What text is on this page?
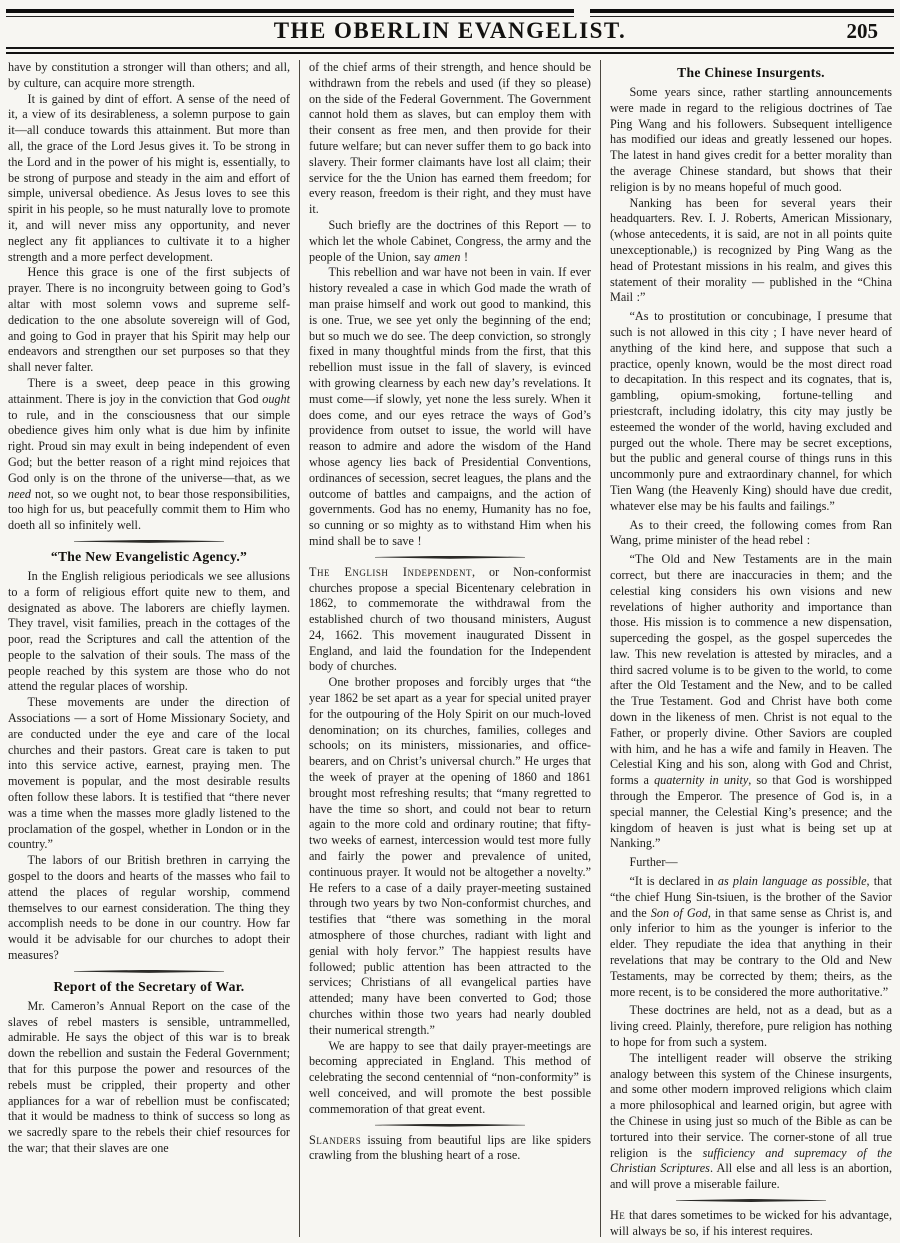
THE OBERLIN EVANGELIST.	205

have by constitution a stronger will than others; and all, by culture, can acquire more strength.

It is gained by dint of effort. A sense of the need of it, a view of its desirableness, a solemn purpose to gain it—all conduce towards this attainment. But more than all, the grace of the Lord Jesus gives it. To be strong in the Lord and in the power of his might is, essentially, to be strong of purpose and steady in the aim and effort of simple, universal obedience. As Jesus loves to see this spirit in his people, so he must naturally love to promote it, and will never miss any opportunity, and never neglect any fit appliances to cultivate it to a higher strength and a more perfect development.

Hence this grace is one of the first subjects of prayer. There is no incongruity between going to God’s altar with most solemn vows and supreme self-dedication to the one absolute sovereign will of God, and going to God in prayer that his Spirit may help our endeavors and strengthen our set purposes so that they shall never falter.

There is a sweet, deep peace in this growing attainment. There is joy in the conviction that God ought to rule, and in the consciousness that our simple obedience gives him only what is due him by infinite right. Proud sin may exult in being independent of even God; but the better reason of a right mind rejoices that God only is on the throne of the universe—that, as we need not, so we ought not, to bear those responsibilities, too high for us, but peacefully commit them to Him who doeth all so infinitely well.

“The New Evangelistic Agency.”

In the English religious periodicals we see allusions to a form of religious effort quite new to them, and designated as above. The laborers are chiefly laymen. They travel, visit families, preach in the cottages of the poor, read the Scriptures and call the attention of the people to the salvation of their souls. The mass of the people reached by this system are those who do not attend the regular places of worship.

These movements are under the direction of Associations — a sort of Home Missionary Society, and are conducted under the eye and care of the local churches and their pastors. Great care is taken to put into this service active, earnest, praying men. The movement is popular, and the most desirable results often follow these labors. It is testified that “there never was a time when the masses more gladly listened to the proclamation of the gospel, whether in London or in the country.”

The labors of our British brethren in carrying the gospel to the doors and hearts of the masses who fail to attend the places of regular worship, commend themselves to our earnest consideration. The thing they accomplish needs to be done in our country. How far would it be advisable for our churches to adopt their measures?

Report of the Secretary of War.

Mr. Cameron’s Annual Report on the case of the slaves of rebel masters is sensible, untrammelled, admirable. He says the object of this war is to break down the rebellion and sustain the Federal Government; that for this purpose the power and resources of the rebels must be crippled, their property and other appliances for a war of rebellion must be confiscated; that it would be madness to think of success so long as we sacredly spare to the rebels their chief resources for the war; that their slaves are one

of the chief arms of their strength, and hence should be withdrawn from the rebels and used (if they so please) on the side of the Federal Government. The Government cannot hold them as slaves, but can employ them with their consent as free men, and then provide for their future welfare; but can never suffer them to go back into slavery. Their former claimants have lost all claim; their service for the the Union has earned them freedom; for every reason, freedom is their right, and they must have it.

Such briefly are the doctrines of this Report — to which let the whole Cabinet, Congress, the army and the people of the Union, say amen !

This rebellion and war have not been in vain. If ever history revealed a case in which God made the wrath of man praise himself and work out good to mankind, this is one. True, we see yet only the beginning of the end; but so much we do see. The deep conviction, so strongly fixed in many thoughtful minds from the first, that this rebellion must issue in the fall of slavery, is evinced with growing clearness by each new day’s revelations. It must come—if slowly, yet none the less surely. When it does come, and our eyes retrace the ways of God’s providence from outset to issue, the world will have reason to admire and adore the wisdom of the Hand whose agency lies back of Presidential Conventions, ordinances of secession, secret leagues, the plans and the outcome of battles and campaigns, and the action of governments. God has no enemy, Humanity has no foe, so cunning or so mighty as to withstand Him when his mind shall be to save !

The English Independent, or Non-conformist churches propose a special Bicentenary celebration in 1862, to commemorate the withdrawal from the established church of two thousand ministers, August 24, 1662. This movement inaugurated Dissent in England, and laid the foundation for the Independent body of churches.

One brother proposes and forcibly urges that “the year 1862 be set apart as a year for special united prayer for the outpouring of the Holy Spirit on our much-loved denomination; on its churches, families, colleges and schools; on its ministers, missionaries, and office-bearers, and on Christ’s universal church.” He urges that the week of prayer at the opening of 1860 and 1861 brought most refreshing results; that “many regretted to have the time so short, and could not bear to return again to the more cold and ordinary routine; that fifty-two weeks of earnest, intercession would test more fully and fairly the power and prevalence of united, continuous prayer. It would not be altogether a novelty.” He refers to a case of a daily prayer-meeting sustained through two years by two Non-conformist churches, and testifies that “there was something in the moral atmosphere of those churches, radiant with light and genial with holy fervor.” The happiest results have followed; public attention has been attracted to the services; Christians of all evangelical parties have attended; many have been converted to God; those churches within those two years had nearly doubled their numerical strength.”

We are happy to see that daily prayer-meetings are becoming appreciated in England. This method of celebrating the second centennial of “non-conformity” is well conceived, and will promote the best possible commemoration of that great event.

Slanders issuing from beautiful lips are like spiders crawling from the blushing heart of a rose.

The Chinese Insurgents.

Some years since, rather startling announcements were made in regard to the religious doctrines of Tae Ping Wang and his followers. Subsequent intelligence has modified our ideas and greatly lessened our hopes. The latest in hand gives credit for a better morality than the average Chinese standard, but shows that their religion is by no means hopeful of much good.

Nanking has been for several years their headquarters. Rev. I. J. Roberts, American Missionary, (whose antecedents, it is said, are not in all points quite unexceptionable,) is recognized by Ping Wang as the head of Protestant missions in his realm, and gives this statement of their morality — published in the “China Mail :”

“As to prostitution or concubinage, I presume that such is not allowed in this city ; I have never heard of anything of the kind here, and suppose that such a practice, openly known, would be the most direct road to decapitation. In this respect and its cognates, that is, gambling, opium-smoking, fortune-telling and priestcraft, including idolatry, this city may justly be esteemed the wonder of the world, having excluded and purged out the whole. There may be secret exceptions, but the public and general course of things runs in this uncommonly pure and extraordinary channel, for which Tien Wang (the Heavenly King) should have due credit, whatever else may be his faults and failings.”

As to their creed, the following comes from Ran Wang, prime minister of the head rebel :

“The Old and New Testaments are in the main correct, but there are inaccuracies in them; and the celestial king considers his own visions and new revelations of higher authority and importance than those. His mission is to commence a new dispensation, superceding the gospel, as the gospel supercedes the law. This new revelation is attested by miracles, and a third sacred volume is to be given to the world, to come after the Old Testament and the New, and to be called the True Testament. God and Christ have both come down in the likeness of men. Christ is not equal to the Father, or properly divine. Other Saviors are coupled with him, and he has a wife and family in Heaven. The Celestial King and his son, along with God and Christ, forms a quaternity in unity, so that God is worshipped through the Emperor. The presence of God is, in a special manner, the Celestial King’s presence; and the kingdom of heaven is just what is being set up at Nanking.”

Further—

“It is declared in as plain language as possible, that “the chief Hung Sin-tsiuen, is the brother of the Savior and the Son of God, in that same sense as Christ is, and only inferior to him as the younger is inferior to the elder. They repudiate the idea that anything in their revelations that may be contrary to the Old and New Testaments, may be corrected by them; theirs, as the more recent, is to be considered the more authoritative.”

These doctrines are held, not as a dead, but as a living creed. Plainly, therefore, pure religion has nothing to hope for from such a system.

The intelligent reader will observe the striking analogy between this system of the Chinese insurgents, and some other modern improved religions which claim a more philosophical and learned origin, but agree with the Chinese in using just so much of the Bible as can be tortured into their service. The corner-stone of all true religion is the sufficiency and supremacy of the Christian Scriptures. All else and all less is an abortion, and will prove a miserable failure.

He that dares sometimes to be wicked for his advantage, will always be so, if his interest requires.
